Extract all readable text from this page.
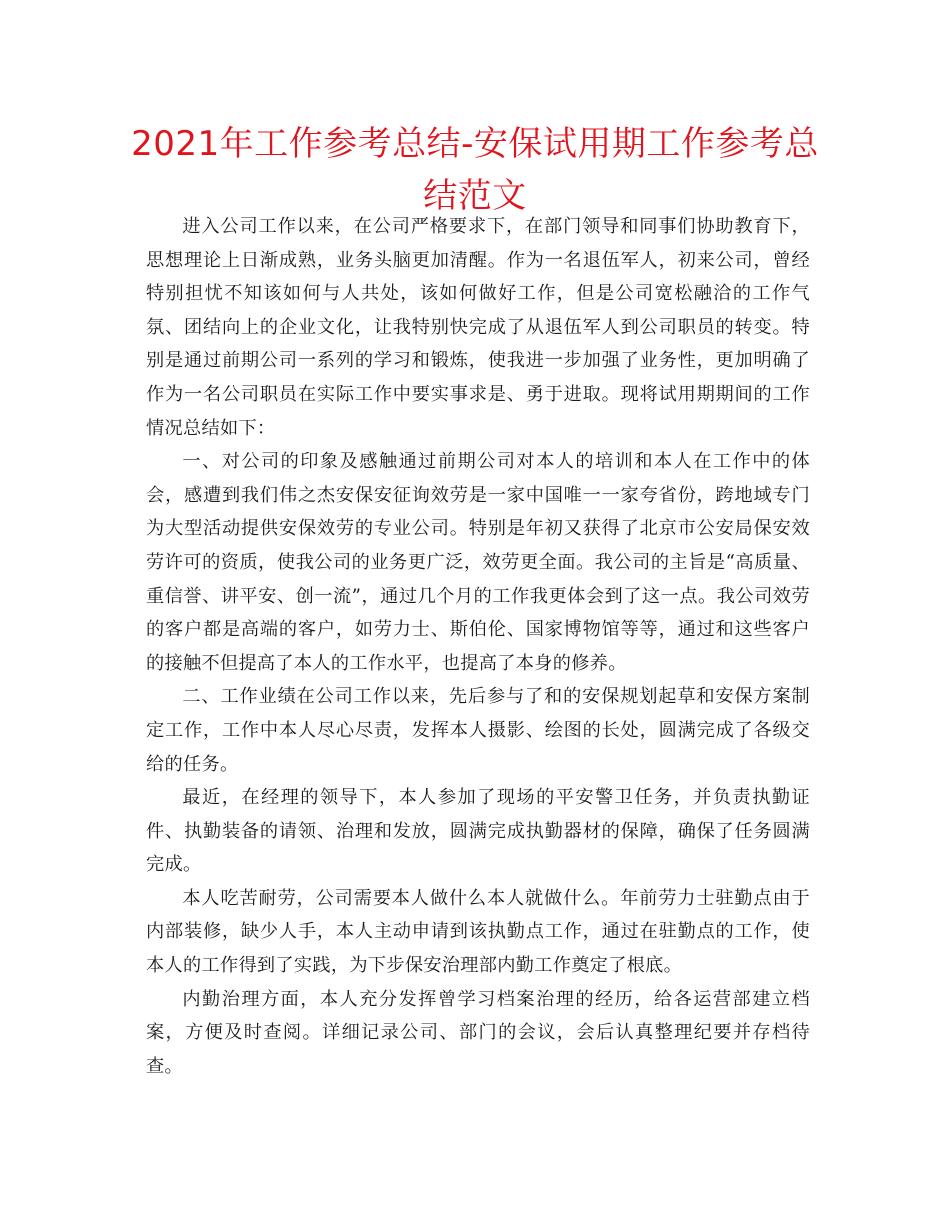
2021年工作参考总结-安保试用期工作参考总结范文

进入公司工作以来，在公司严格要求下，在部门领导和同事们协助教育下，思想理论上日渐成熟，业务头脑更加清醒。作为一名退伍军人，初来公司，曾经特别担忧不知该如何与人共处，该如何做好工作，但是公司宽松融洽的工作气氛、团结向上的企业文化，让我特别快完成了从退伍军人到公司职员的转变。特别是通过前期公司一系列的学习和锻炼，使我进一步加强了业务性，更加明确了作为一名公司职员在实际工作中要实事求是、勇于进取。现将试用期期间的工作情况总结如下：

一、对公司的印象及感触通过前期公司对本人的培训和本人在工作中的体会，感遭到我们伟之杰安保安征询效劳是一家中国唯一一家夸省份，跨地域专门为大型活动提供安保效劳的专业公司。特别是年初又获得了北京市公安局保安效劳许可的资质，使我公司的业务更广泛，效劳更全面。我公司的主旨是“高质量、重信誉、讲平安、创一流”，通过几个月的工作我更体会到了这一点。我公司效劳的客户都是高端的客户，如劳力士、斯伯伦、国家博物馆等等，通过和这些客户的接触不但提高了本人的工作水平，也提高了本身的修养。

二、工作业绩在公司工作以来，先后参与了和的安保规划起草和安保方案制定工作，工作中本人尽心尽责，发挥本人摄影、绘图的长处，圆满完成了各级交给的任务。

最近，在经理的领导下，本人参加了现场的平安警卫任务，并负责执勤证件、执勤装备的请领、治理和发放，圆满完成执勤器材的保障，确保了任务圆满完成。

本人吃苦耐劳，公司需要本人做什么本人就做什么。年前劳力士驻勤点由于内部装修，缺少人手，本人主动申请到该执勤点工作，通过在驻勤点的工作，使本人的工作得到了实践，为下步保安治理部内勤工作奠定了根底。

内勤治理方面，本人充分发挥曾学习档案治理的经历，给各运营部建立档案，方便及时查阅。详细记录公司、部门的会议，会后认真整理纪要并存档待查。
